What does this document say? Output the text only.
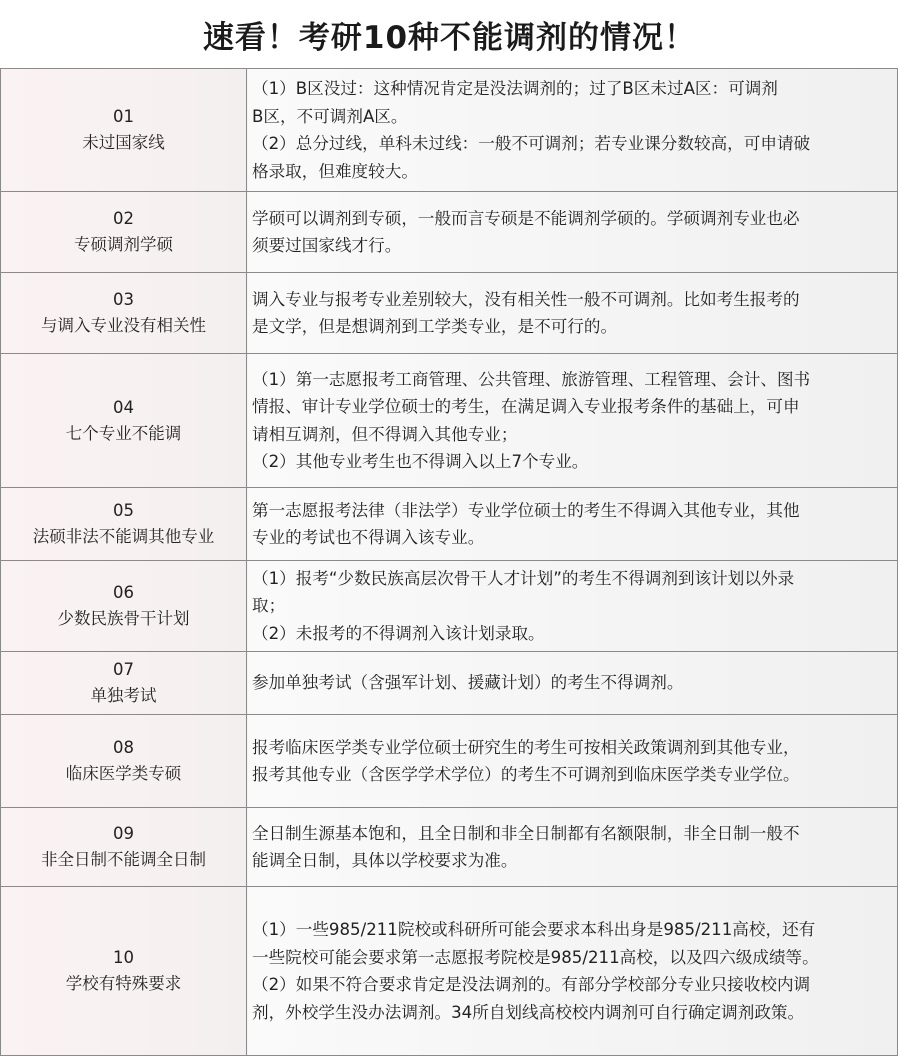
速看！考研10种不能调剂的情况！
01
未过国家线	（1）B区没过：这种情况肯定是没法调剂的；过了B区未过A区：可调剂
B区，不可调剂A区。
（2）总分过线，单科未过线：一般不可调剂；若专业课分数较高，可申请破
格录取，但难度较大。

02
专硕调剂学硕	学硕可以调剂到专硕，一般而言专硕是不能调剂学硕的。学硕调剂专业也必
须要过国家线才行。

03
与调入专业没有相关性	调入专业与报考专业差别较大，没有相关性一般不可调剂。比如考生报考的
是文学，但是想调剂到工学类专业，是不可行的。

04
七个专业不能调	（1）第一志愿报考工商管理、公共管理、旅游管理、工程管理、会计、图书
情报、审计专业学位硕士的考生，在满足调入专业报考条件的基础上，可申
请相互调剂，但不得调入其他专业；
（2）其他专业考生也不得调入以上7个专业。

05
法硕非法不能调其他专业	第一志愿报考法律（非法学）专业学位硕士的考生不得调入其他专业，其他
专业的考试也不得调入该专业。

06
少数民族骨干计划	（1）报考“少数民族高层次骨干人才计划”的考生不得调剂到该计划以外录
取；
（2）未报考的不得调剂入该计划录取。

07
单独考试	参加单独考试（含强军计划、援藏计划）的考生不得调剂。

08
临床医学类专硕	报考临床医学类专业学位硕士研究生的考生可按相关政策调剂到其他专业，
报考其他专业（含医学学术学位）的考生不可调剂到临床医学类专业学位。

09
非全日制不能调全日制	全日制生源基本饱和，且全日制和非全日制都有名额限制，非全日制一般不
能调全日制，具体以学校要求为准。

10
学校有特殊要求	（1）一些985/211院校或科研所可能会要求本科出身是985/211高校，还有
一些院校可能会要求第一志愿报考院校是985/211高校，以及四六级成绩等。
（2）如果不符合要求肯定是没法调剂的。有部分学校部分专业只接收校内调
剂，外校学生没办法调剂。34所自划线高校校内调剂可自行确定调剂政策。
